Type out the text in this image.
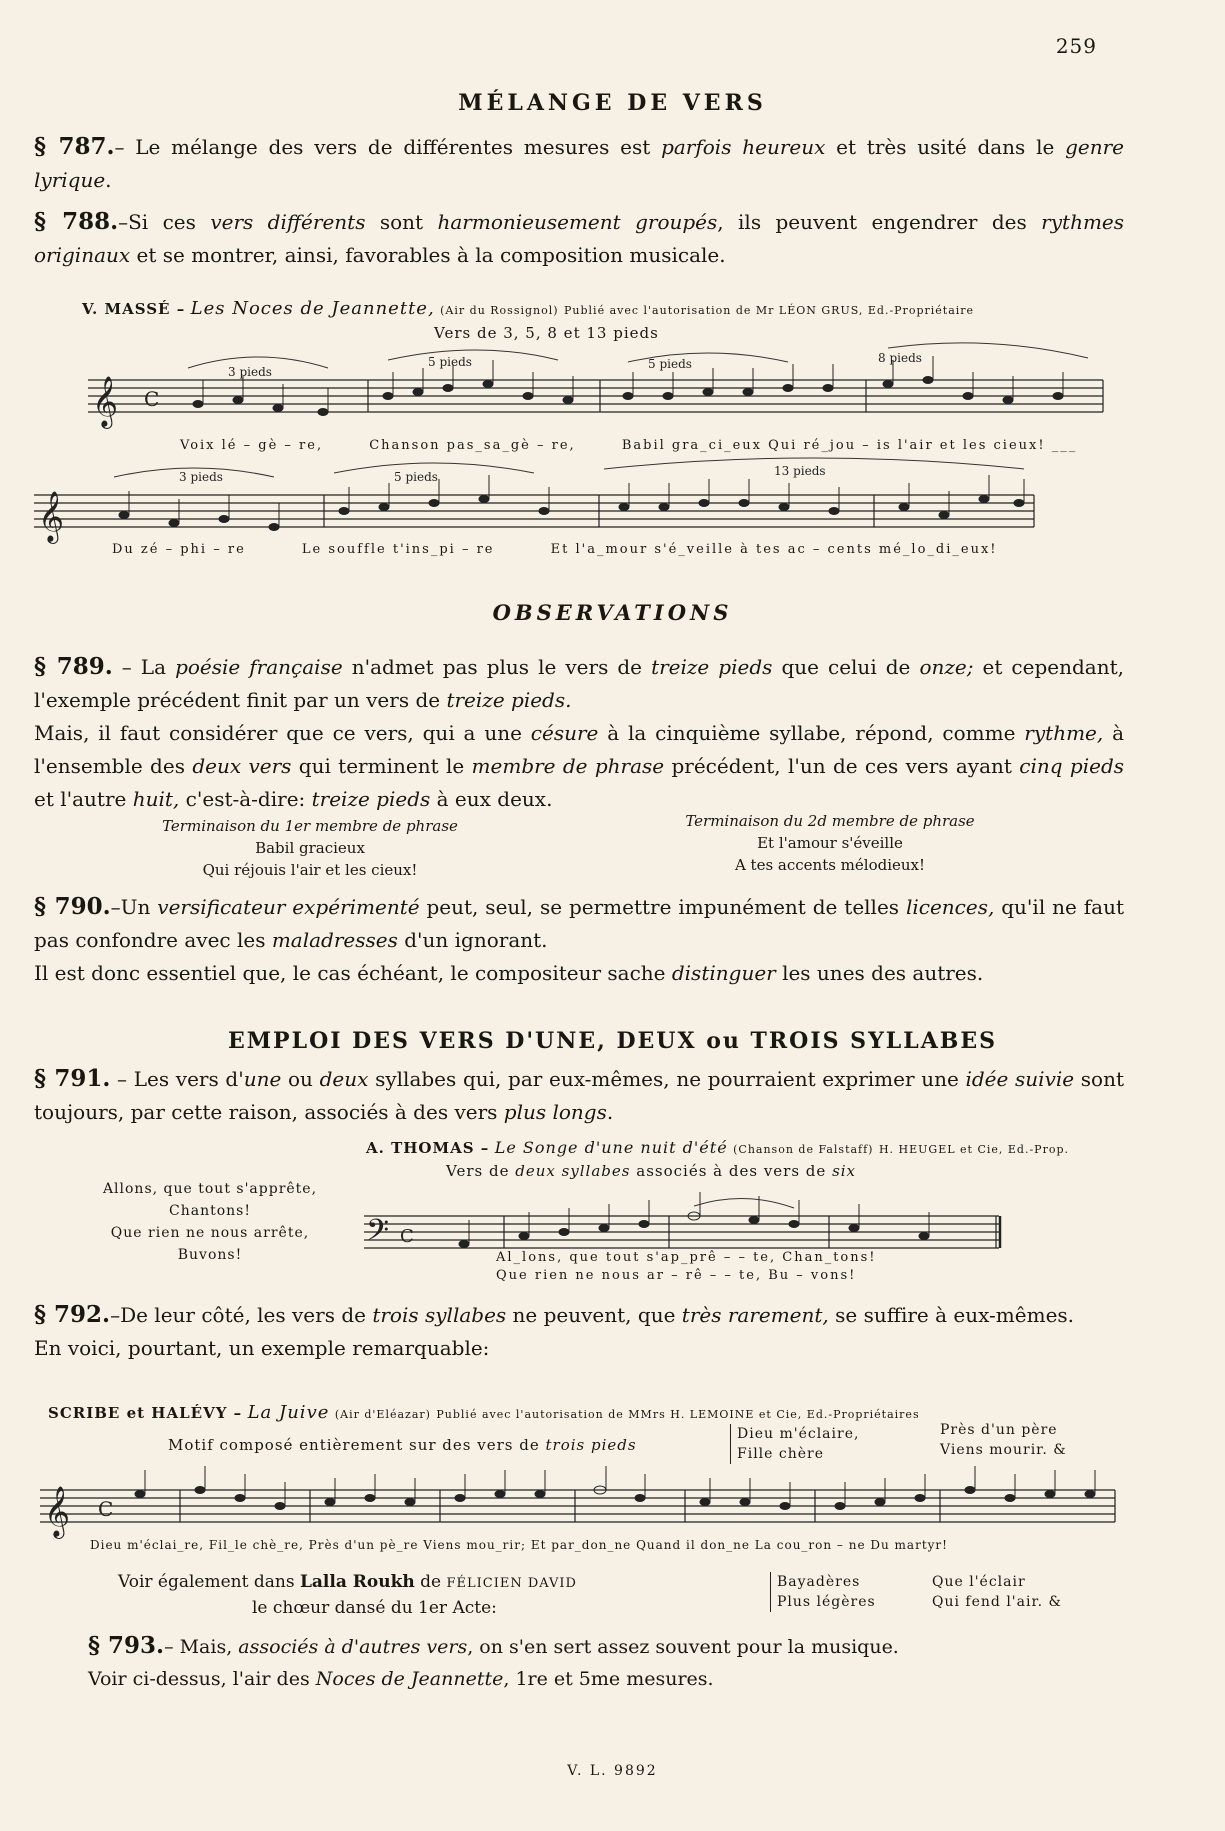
259
MÉLANGE DE VERS
§ 787.– Le mélange des vers de différentes mesures est parfois heureux et très usité dans le genre lyrique.
§ 788.–Si ces vers différents sont harmonieusement groupés, ils peuvent engendrer des rythmes originaux et se montrer, ainsi, favorables à la composition musicale.
V. MASSÉ – Les Noces de Jeannette, (Air du Rossignol) Publié avec l'autorisation de Mr LÉON GRUS, Ed.-Propriétaire
Vers de 3, 5, 8 et 13 pieds
𝄞 C
3 pieds
5 pieds	5 pieds	8 pieds
Voix lé – gè – re,	Chanson pas_sa_gè – re,	Babil gra_ci_eux Qui ré_jou – is l'air et les cieux! ___
𝄞
3 pieds	5 pieds	13 pieds
Du zé – phi – re	Le souffle t'ins_pi – re	Et l'a_mour s'é_veille à tes ac – cents mé_lo_di_eux!
OBSERVATIONS
§ 789. – La poésie française n'admet pas plus le vers de treize pieds que celui de onze; et cependant, l'exemple précédent finit par un vers de treize pieds.
Mais, il faut considérer que ce vers, qui a une césure à la cinquième syllabe, répond, comme rythme, à l'ensemble des deux vers qui terminent le membre de phrase précédent, l'un de ces vers ayant cinq pieds et l'autre huit, c'est-à-dire: treize pieds à eux deux.
Terminaison du 1er membre de phrase
Babil gracieux
Qui réjouis l'air et les cieux!
Terminaison du 2d membre de phrase
Et l'amour s'éveille
A tes accents mélodieux!
§ 790.–Un versificateur expérimenté peut, seul, se permettre impunément de telles licences, qu'il ne faut pas confondre avec les maladresses d'un ignorant.
Il est donc essentiel que, le cas échéant, le compositeur sache distinguer les unes des autres.
EMPLOI DES VERS D'UNE, DEUX ou TROIS SYLLABES
§ 791. – Les vers d'une ou deux syllabes qui, par eux-mêmes, ne pourraient exprimer une idée suivie sont toujours, par cette raison, associés à des vers plus longs.
A. THOMAS – Le Songe d'une nuit d'été (Chanson de Falstaff) H. HEUGEL et Cie, Ed.-Prop.
Vers de deux syllabes associés à des vers de six
Allons, que tout s'apprête,
Chantons!
Que rien ne nous arrête,
Buvons!	𝄢 C
Al_lons, que tout s'ap_prê – – te, Chan_tons!
Que rien ne nous ar – rê – – te, Bu – vons!
§ 792.–De leur côté, les vers de trois syllabes ne peuvent, que très rarement, se suffire à eux-mêmes.
En voici, pourtant, un exemple remarquable:
SCRIBE et HALÉVY – La Juive (Air d'Eléazar) Publié avec l'autorisation de MMrs H. LEMOINE et Cie, Ed.-Propriétaires
Motif composé entièrement sur des vers de trois pieds
Dieu m'éclaire,
Fille chère
Près d'un père
Viens mourir. &
𝄞 C
Dieu m'éclai_re, Fil_le chè_re, Près d'un pè_re Viens mou_rir; Et par_don_ne Quand il don_ne La cou_ron – ne Du martyr!
Voir également dans Lalla Roukh de FÉLICIEN DAVID
le chœur dansé du 1er Acte:
Bayadères
Plus légères
Que l'éclair
Qui fend l'air. &
§ 793.– Mais, associés à d'autres vers, on s'en sert assez souvent pour la musique.
Voir ci-dessus, l'air des Noces de Jeannette, 1re et 5me mesures.
V. L. 9892
